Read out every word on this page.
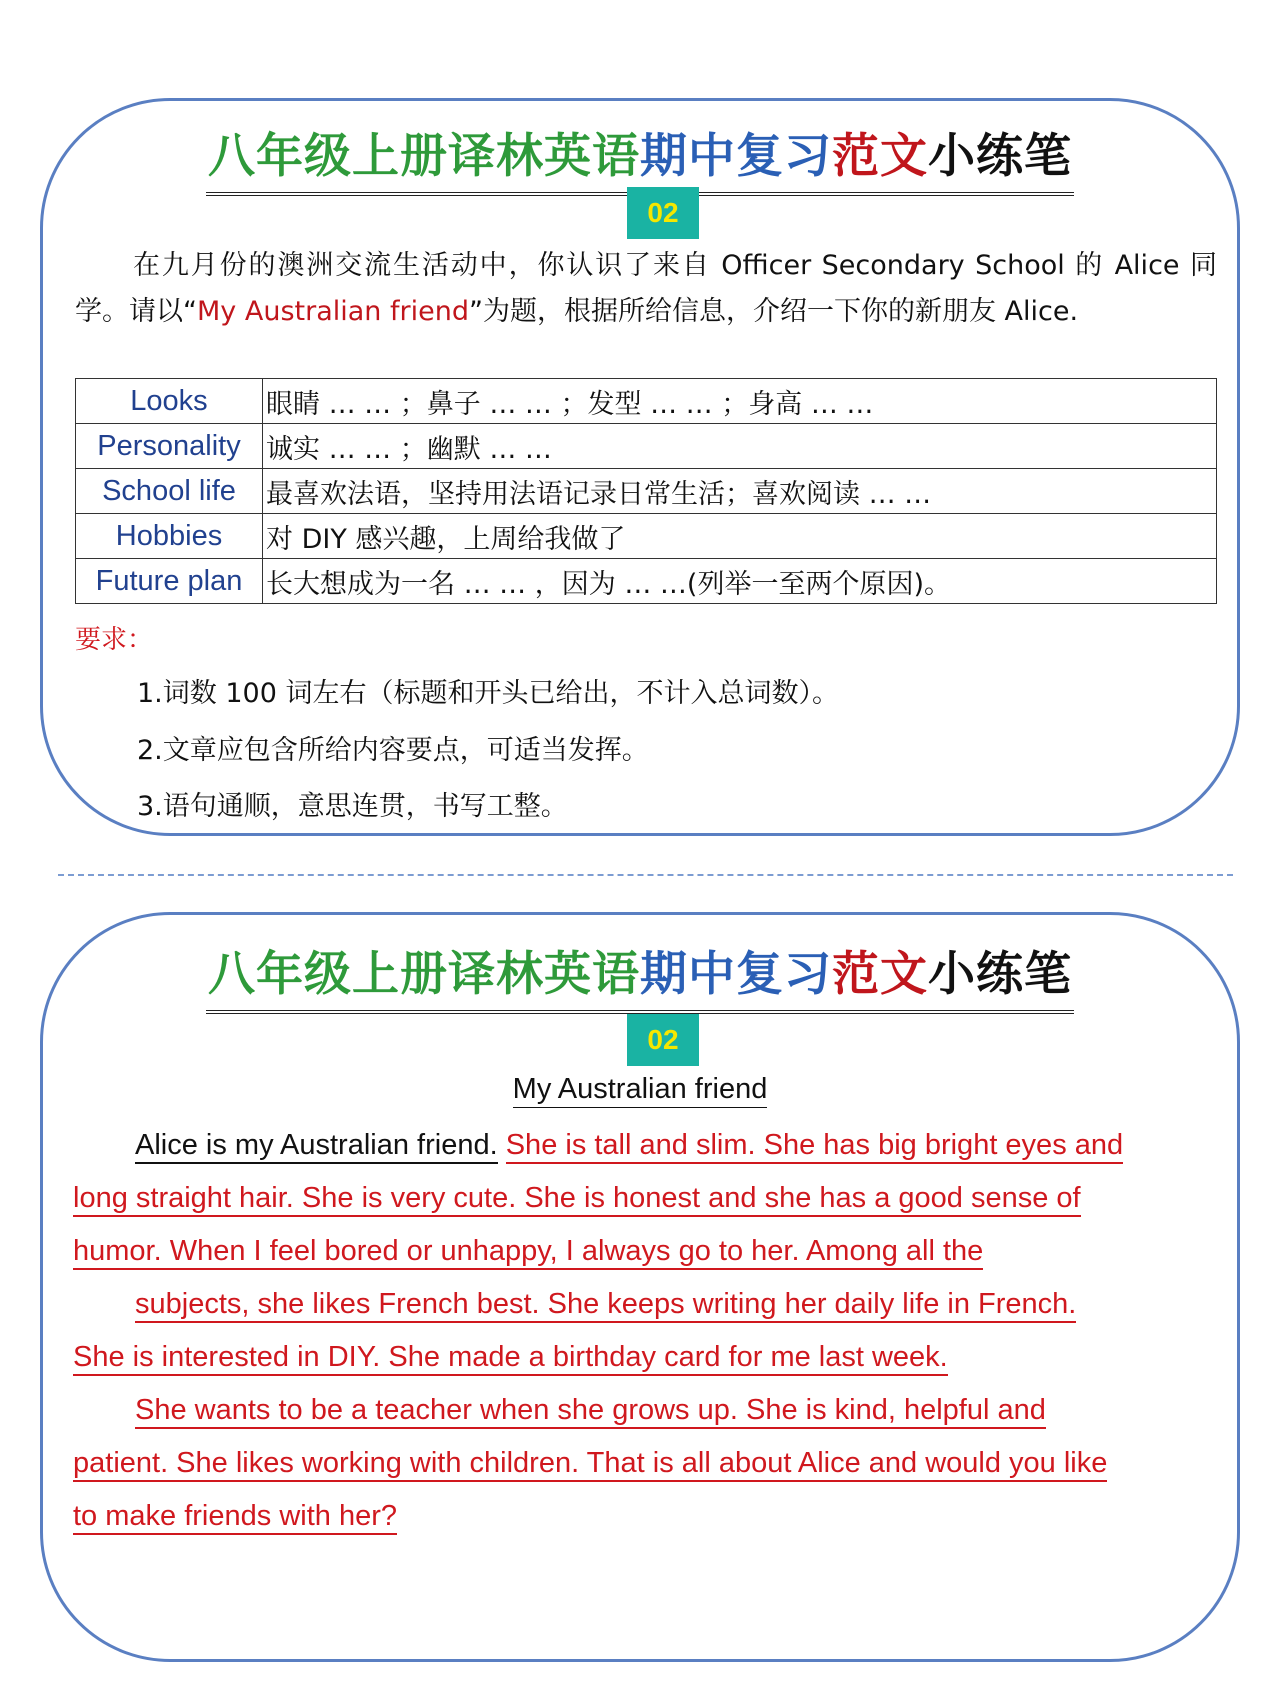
八年级上册译林英语期中复习范文小练笔
02
在九月份的澳洲交流生活动中，你认识了来自 Officer Secondary School 的 Alice 同学。请以“My Australian friend”为题，根据所给信息，介绍一下你的新朋友 Alice.
Looks	眼睛 … … ；鼻子 … … ；发型 … … ；身高 … …
Personality	诚实 … … ；幽默 … …
School life	最喜欢法语，坚持用法语记录日常生活；喜欢阅读 … …
Hobbies	对 DIY 感兴趣，上周给我做了
Future plan	长大想成为一名 … … ，因为 … …(列举一至两个原因)。
要求：
1.词数 100 词左右（标题和开头已给出，不计入总词数）。
2.文章应包含所给内容要点，可适当发挥。
3.语句通顺，意思连贯，书写工整。
八年级上册译林英语期中复习范文小练笔
02
My Australian friend

Alice is my Australian friend. She is tall and slim. She has big bright eyes and

long straight hair. She is very cute. She is honest and she has a good sense of

humor. When I feel bored or unhappy, I always go to her. Among all the

subjects, she likes French best. She keeps writing her daily life in French.

She is interested in DIY. She made a birthday card for me last week.

She wants to be a teacher when she grows up. She is kind, helpful and

patient. She likes working with children. That is all about Alice and would you like

to make friends with her?
